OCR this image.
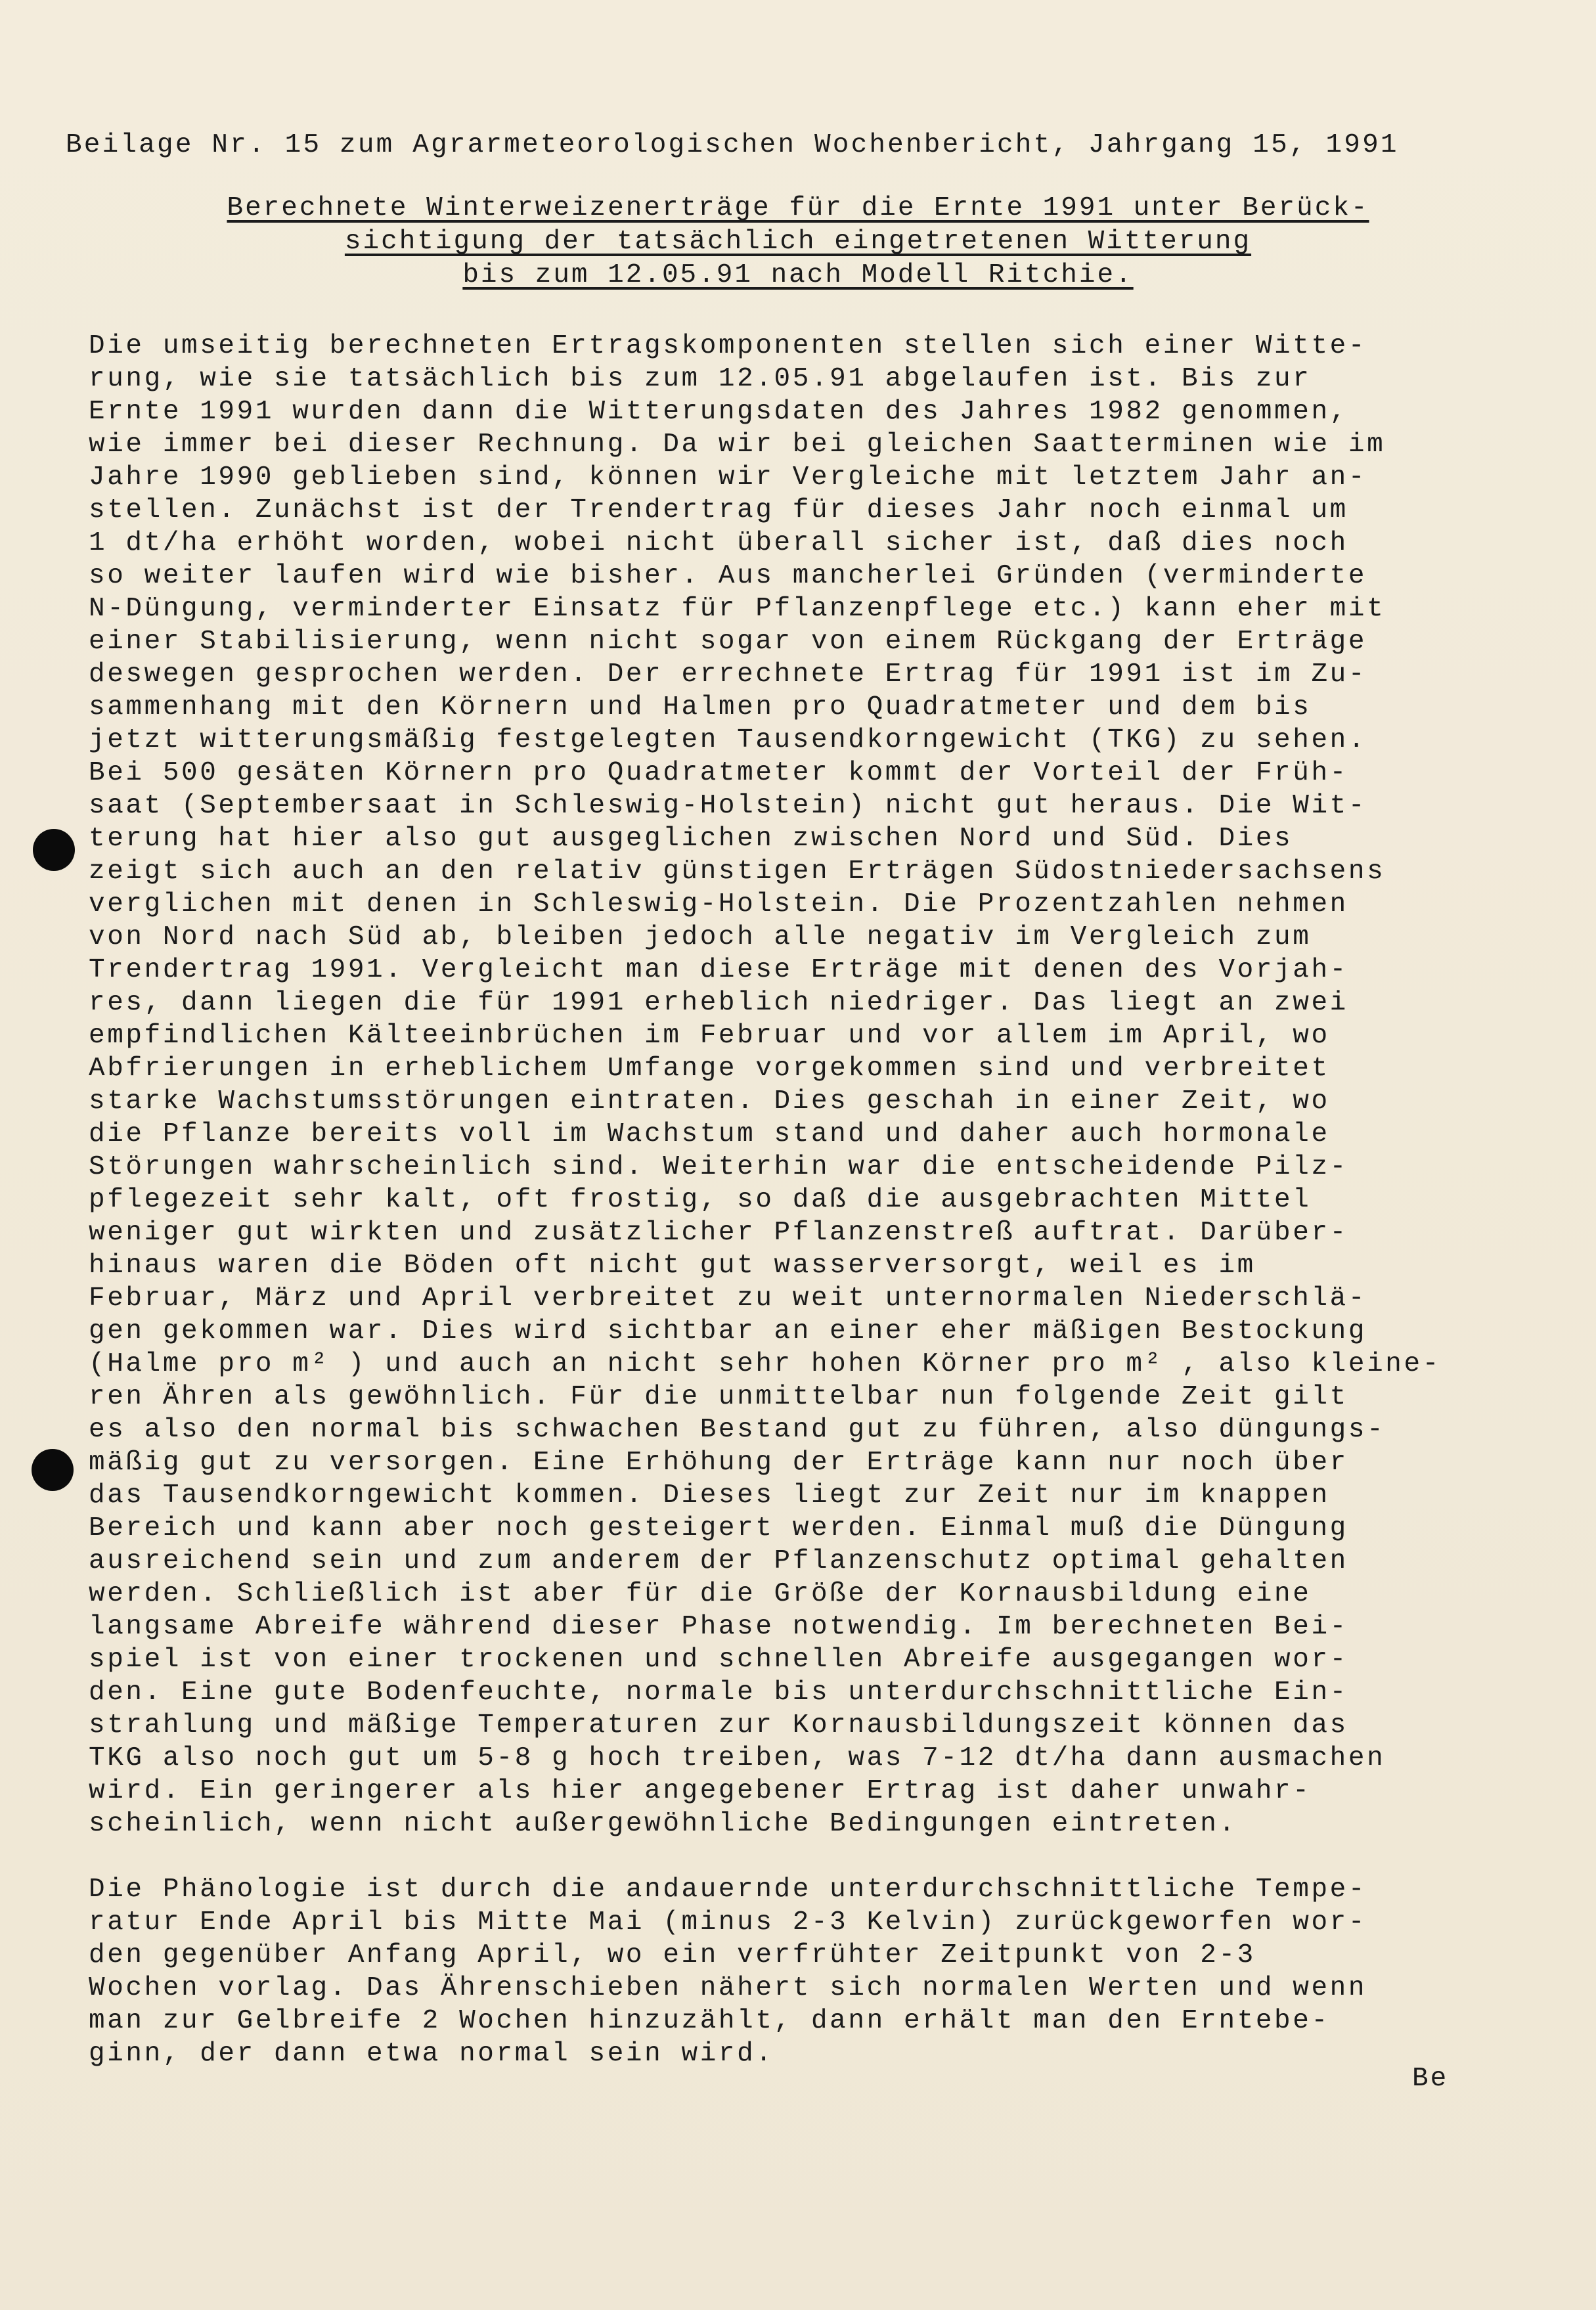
Beilage Nr. 15 zum Agrarmeteorologischen Wochenbericht, Jahrgang 15, 1991
Berechnete Winterweizenerträge für die Ernte 1991 unter Berück-
sichtigung der tatsächlich eingetretenen Witterung
bis zum 12.05.91 nach Modell Ritchie.
Die umseitig berechneten Ertragskomponenten stellen sich einer Witte-
rung, wie sie tatsächlich bis zum 12.05.91 abgelaufen ist. Bis zur
Ernte 1991 wurden dann die Witterungsdaten des Jahres 1982 genommen,
wie immer bei dieser Rechnung. Da wir bei gleichen Saatterminen wie im
Jahre 1990 geblieben sind, können wir Vergleiche mit letztem Jahr an-
stellen. Zunächst ist der Trendertrag für dieses Jahr noch einmal um
1 dt/ha erhöht worden, wobei nicht überall sicher ist, daß dies noch
so weiter laufen wird wie bisher. Aus mancherlei Gründen (verminderte
N-Düngung, verminderter Einsatz für Pflanzenpflege etc.) kann eher mit
einer Stabilisierung, wenn nicht sogar von einem Rückgang der Erträge
deswegen gesprochen werden. Der errechnete Ertrag für 1991 ist im Zu-
sammenhang mit den Körnern und Halmen pro Quadratmeter und dem bis
jetzt witterungsmäßig festgelegten Tausendkorngewicht (TKG) zu sehen.
Bei 500 gesäten Körnern pro Quadratmeter kommt der Vorteil der Früh-
saat (Septembersaat in Schleswig-Holstein) nicht gut heraus. Die Wit-
terung hat hier also gut ausgeglichen zwischen Nord und Süd. Dies
zeigt sich auch an den relativ günstigen Erträgen Südostniedersachsens
verglichen mit denen in Schleswig-Holstein. Die Prozentzahlen nehmen
von Nord nach Süd ab, bleiben jedoch alle negativ im Vergleich zum
Trendertrag 1991. Vergleicht man diese Erträge mit denen des Vorjah-
res, dann liegen die für 1991 erheblich niedriger. Das liegt an zwei
empfindlichen Kälteeinbrüchen im Februar und vor allem im April, wo
Abfrierungen in erheblichem Umfange vorgekommen sind und verbreitet
starke Wachstumsstörungen eintraten. Dies geschah in einer Zeit, wo
die Pflanze bereits voll im Wachstum stand und daher auch hormonale
Störungen wahrscheinlich sind. Weiterhin war die entscheidende Pilz-
pflegezeit sehr kalt, oft frostig, so daß die ausgebrachten Mittel
weniger gut wirkten und zusätzlicher Pflanzenstreß auftrat. Darüber-
hinaus waren die Böden oft nicht gut wasserversorgt, weil es im
Februar, März und April verbreitet zu weit unternormalen Niederschlä-
gen gekommen war. Dies wird sichtbar an einer eher mäßigen Bestockung
(Halme pro m² ) und auch an nicht sehr hohen Körner pro m² , also kleine-
ren Ähren als gewöhnlich. Für die unmittelbar nun folgende Zeit gilt
es also den normal bis schwachen Bestand gut zu führen, also düngungs-
mäßig gut zu versorgen. Eine Erhöhung der Erträge kann nur noch über
das Tausendkorngewicht kommen. Dieses liegt zur Zeit nur im knappen
Bereich und kann aber noch gesteigert werden. Einmal muß die Düngung
ausreichend sein und zum anderem der Pflanzenschutz optimal gehalten
werden. Schließlich ist aber für die Größe der Kornausbildung eine
langsame Abreife während dieser Phase notwendig. Im berechneten Bei-
spiel ist von einer trockenen und schnellen Abreife ausgegangen wor-
den. Eine gute Bodenfeuchte, normale bis unterdurchschnittliche Ein-
strahlung und mäßige Temperaturen zur Kornausbildungszeit können das
TKG also noch gut um 5-8 g hoch treiben, was 7-12 dt/ha dann ausmachen
wird. Ein geringerer als hier angegebener Ertrag ist daher unwahr-
scheinlich, wenn nicht außergewöhnliche Bedingungen eintreten.
Die Phänologie ist durch die andauernde unterdurchschnittliche Tempe-
ratur Ende April bis Mitte Mai (minus 2-3 Kelvin) zurückgeworfen wor-
den gegenüber Anfang April, wo ein verfrühter Zeitpunkt von 2-3
Wochen vorlag. Das Ährenschieben nähert sich normalen Werten und wenn
man zur Gelbreife 2 Wochen hinzuzählt, dann erhält man den Erntebe-
ginn, der dann etwa normal sein wird.
Be
